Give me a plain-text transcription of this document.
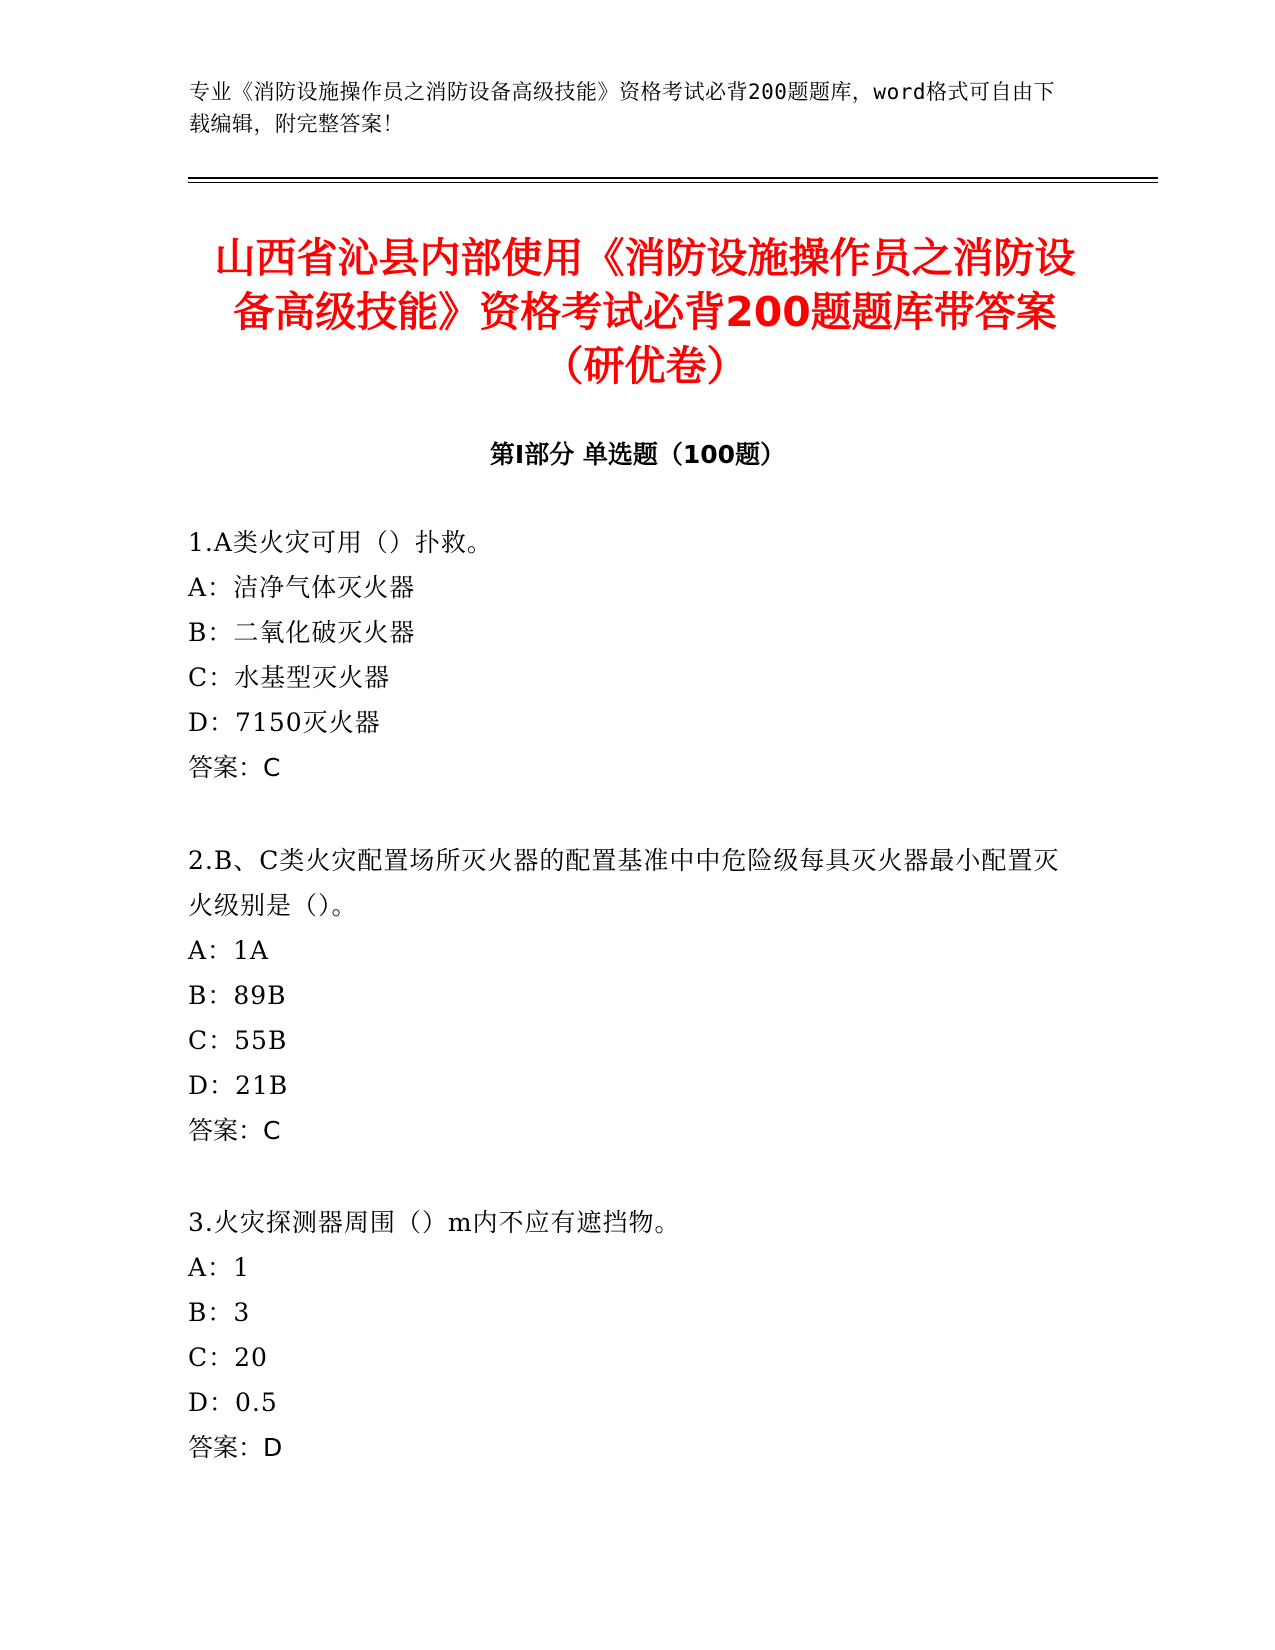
专业《消防设施操作员之消防设备高级技能》资格考试必背200题题库，word格式可自由下载编辑，附完整答案！
山西省沁县内部使用《消防设施操作员之消防设备高级技能》资格考试必背200题题库带答案（研优卷）
第I部分 单选题（100题）

1.A类火灾可用（）扑救。

A：洁净气体灭火器
B：二氧化破灭火器
C：水基型灭火器
D：7150灭火器

答案：C

2.B、C类火灾配置场所灭火器的配置基准中中危险级每具灭火器最小配置灭火级别是（）。

A：1A
B：89B
C：55B
D：21B

答案：C

3.火灾探测器周围（）m内不应有遮挡物。

A：1
B：3
C：20
D：0.5

答案：D
